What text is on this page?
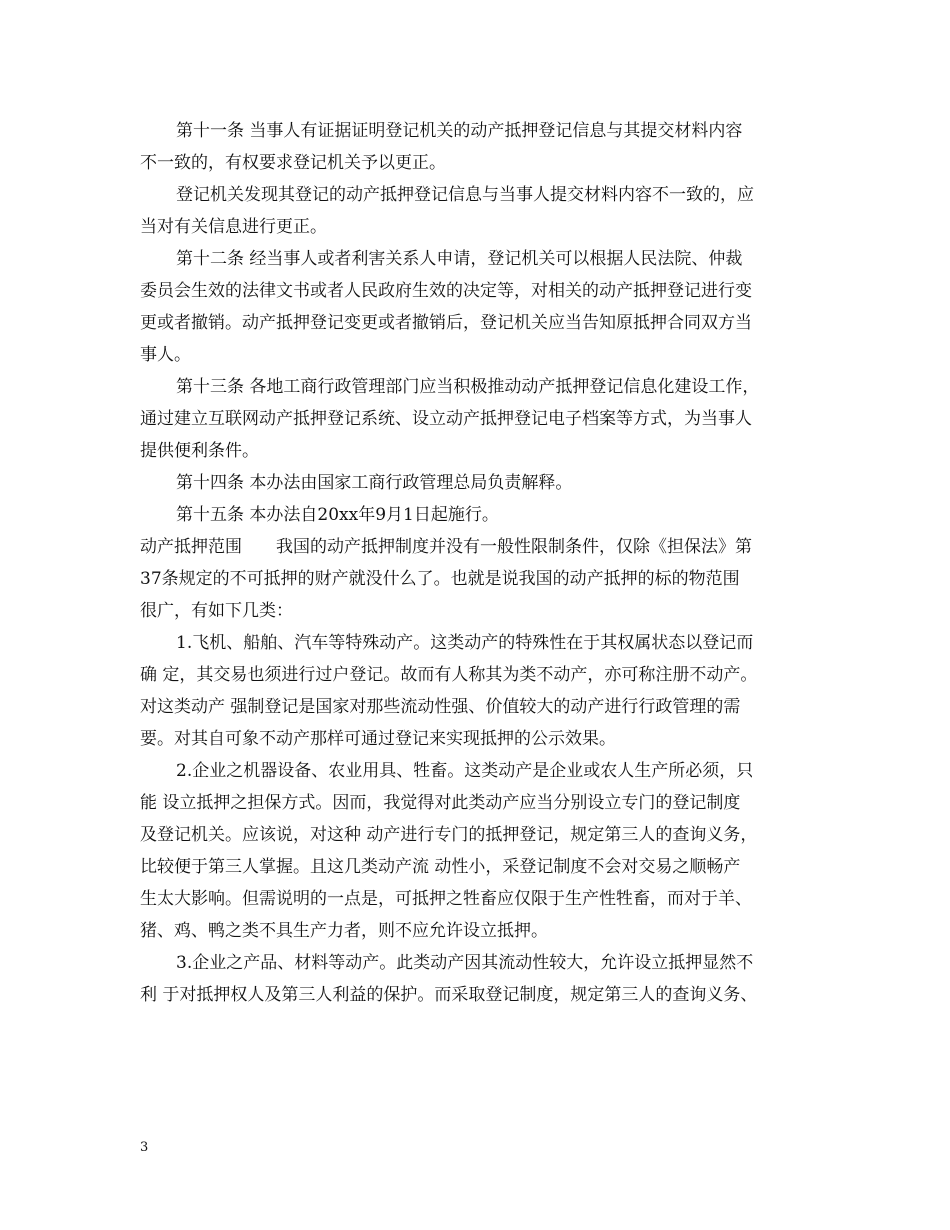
第十一条 当事人有证据证明登记机关的动产抵押登记信息与其提交材料内容
不一致的，有权要求登记机关予以更正。
登记机关发现其登记的动产抵押登记信息与当事人提交材料内容不一致的，应
当对有关信息进行更正。
第十二条 经当事人或者利害关系人申请，登记机关可以根据人民法院、仲裁
委员会生效的法律文书或者人民政府生效的决定等，对相关的动产抵押登记进行变
更或者撤销。动产抵押登记变更或者撤销后，登记机关应当告知原抵押合同双方当
事人。
第十三条 各地工商行政管理部门应当积极推动动产抵押登记信息化建设工作，
通过建立互联网动产抵押登记系统、设立动产抵押登记电子档案等方式，为当事人
提供便利条件。
第十四条 本办法由国家工商行政管理总局负责解释。
第十五条 本办法自20xx年9月1日起施行。
动产抵押范围　　我国的动产抵押制度并没有一般性限制条件，仅除《担保法》第
37条规定的不可抵押的财产就没什么了。也就是说我国的动产抵押的标的物范围
很广，有如下几类：
1.飞机、船舶、汽车等特殊动产。这类动产的特殊性在于其权属状态以登记而
确 定，其交易也须进行过户登记。故而有人称其为类不动产，亦可称注册不动产。
对这类动产 强制登记是国家对那些流动性强、价值较大的动产进行行政管理的需
要。对其自可象不动产那样可通过登记来实现抵押的公示效果。
2.企业之机器设备、农业用具、牲畜。这类动产是企业或农人生产所必须，只
能 设立抵押之担保方式。因而，我觉得对此类动产应当分别设立专门的登记制度
及登记机关。应该说，对这种 动产进行专门的抵押登记，规定第三人的查询义务，
比较便于第三人掌握。且这几类动产流 动性小，采登记制度不会对交易之顺畅产
生太大影响。但需说明的一点是，可抵押之牲畜应仅限于生产性牲畜，而对于羊、
猪、鸡、鸭之类不具生产力者，则不应允许设立抵押。
3.企业之产品、材料等动产。此类动产因其流动性较大，允许设立抵押显然不
利 于对抵押权人及第三人利益的保护。而采取登记制度，规定第三人的查询义务、
3
